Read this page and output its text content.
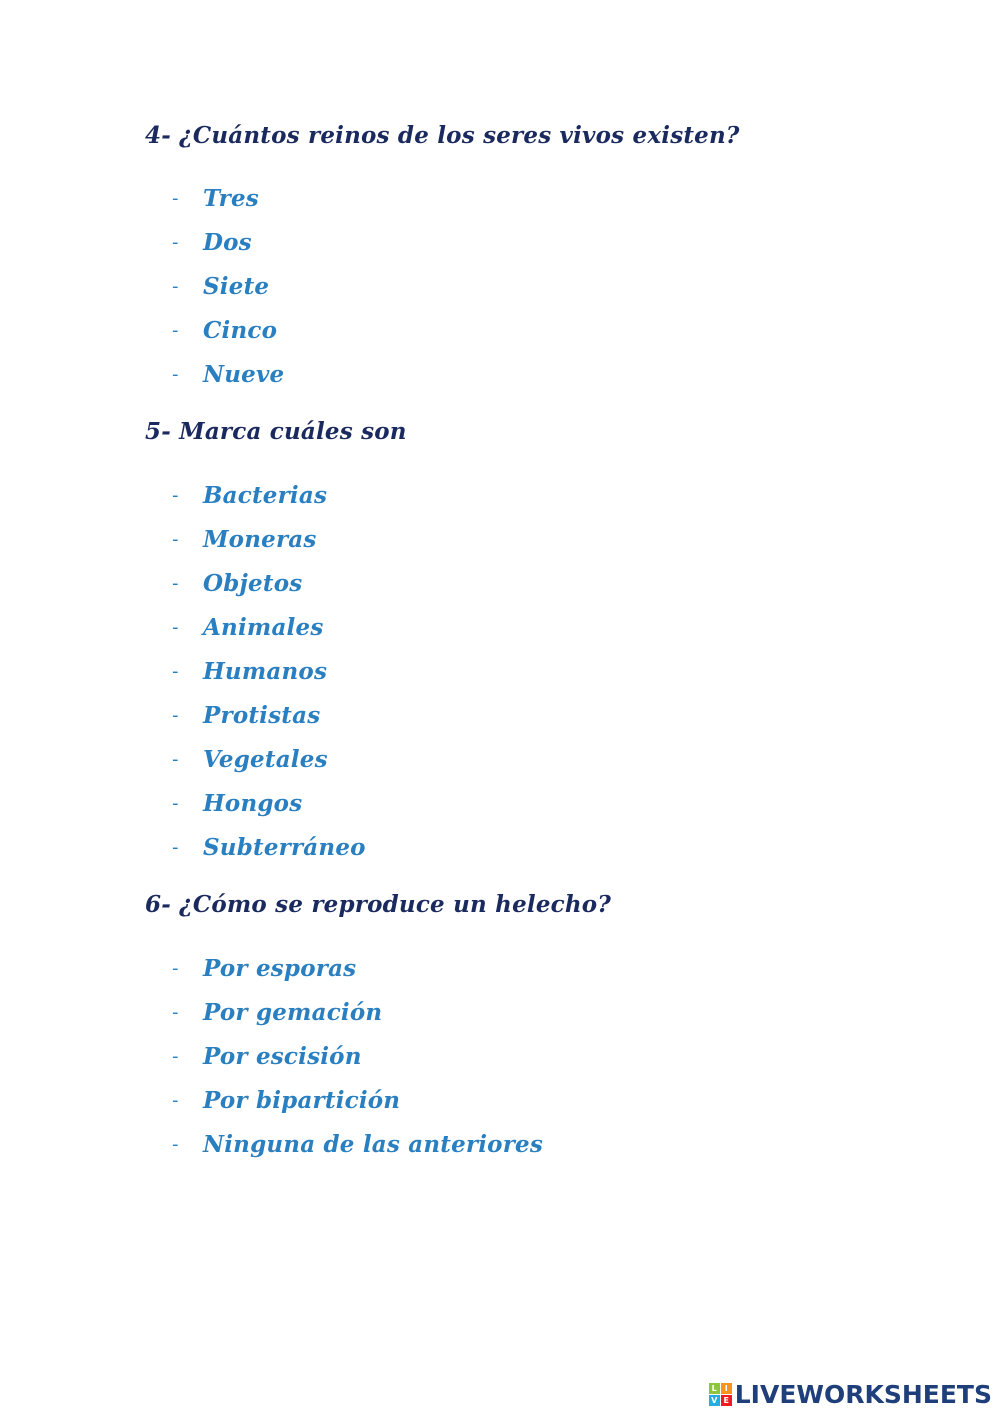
4- ¿Cuántos reinos de los seres vivos existen?

-	Tres
-	Dos
-	Siete
-	Cinco
-	Nueve

5- Marca cuáles son

-	Bacterias
-	Moneras
-	Objetos
-	Animales
-	Humanos
-	Protistas
-	Vegetales
-	Hongos
-	Subterráneo

6- ¿Cómo se reproduce un helecho?

-	Por esporas
-	Por gemación
-	Por escisión
-	Por bipartición
-	Ninguna de las anteriores
L I
V E LIVEWORKSHEETS
